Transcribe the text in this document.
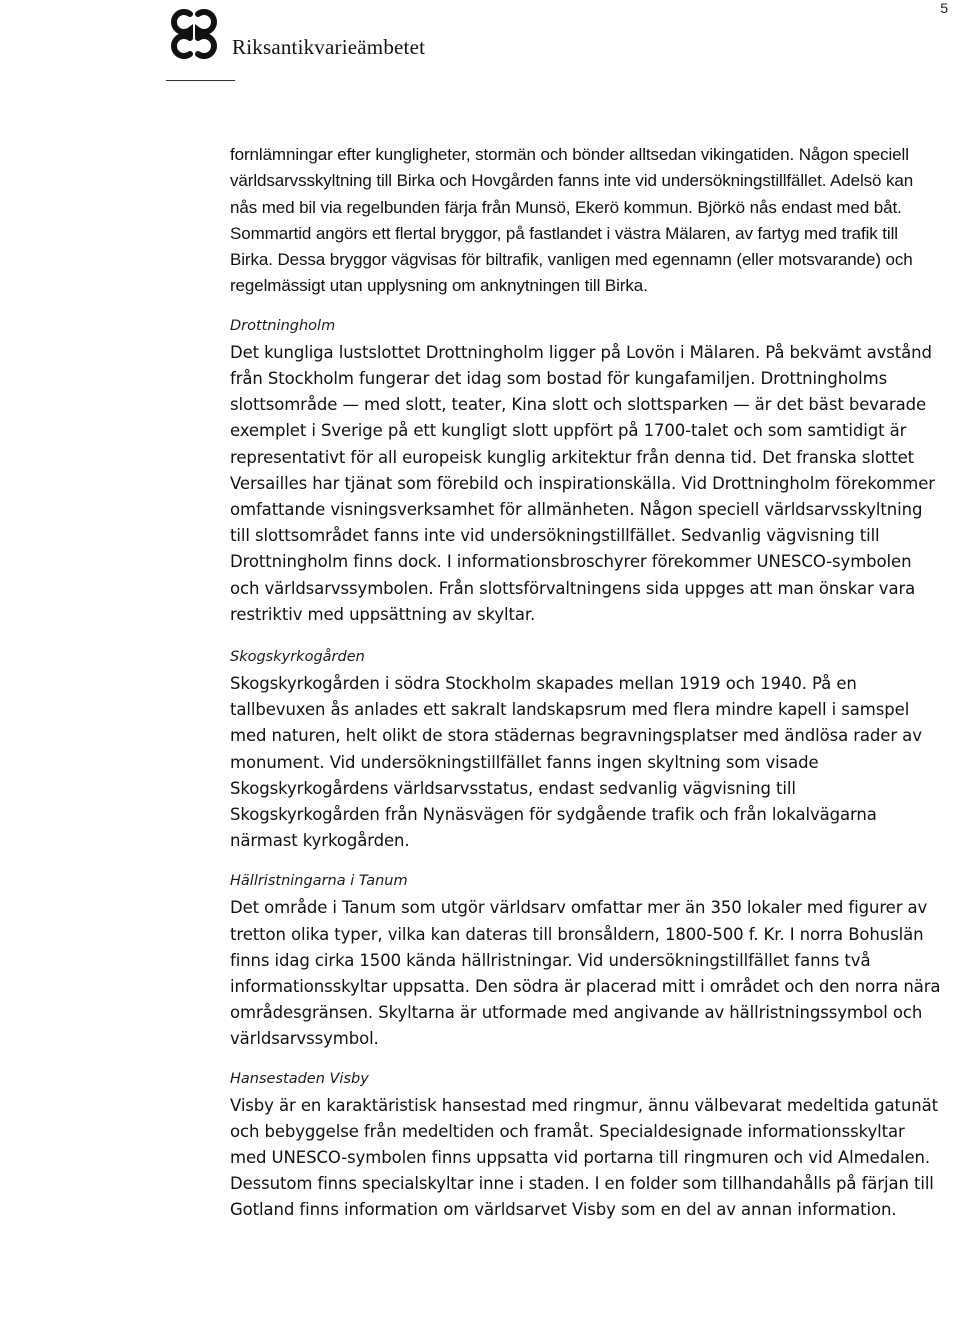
5
Riksantikvarieämbetet

fornlämningar efter kungligheter, stormän och bönder alltsedan vikingatiden. Någon speciell världsarvsskyltning till Birka och Hovgården fanns inte vid undersökningstillfället. Adelsö kan nås med bil via regelbunden färja från Munsö, Ekerö kommun. Björkö nås endast med båt. Sommartid angörs ett flertal bryggor, på fastlandet i västra Mälaren, av fartyg med trafik till Birka. Dessa bryggor vägvisas för biltrafik, vanligen med egennamn (eller motsvarande) och regelmässigt utan upplysning om anknytningen till Birka.

Drottningholm

Det kungliga lustslottet Drottningholm ligger på Lovön i Mälaren. På bekvämt avstånd från Stockholm fungerar det idag som bostad för kungafamiljen. Drottningholms slottsområde — med slott, teater, Kina slott och slottsparken — är det bäst bevarade exemplet i Sverige på ett kungligt slott uppfört på 1700-talet och som samtidigt är representativt för all europeisk kunglig arkitektur från denna tid. Det franska slottet Versailles har tjänat som förebild och inspirationskälla. Vid Drottningholm förekommer omfattande visningsverksamhet för allmänheten. Någon speciell världsarvsskyltning till slottsområdet fanns inte vid undersökningstillfället. Sedvanlig vägvisning till Drottningholm finns dock. I informationsbroschyrer förekommer UNESCO-symbolen och världsarvssymbolen. Från slottsförvaltningens sida uppges att man önskar vara restriktiv med uppsättning av skyltar.

Skogskyrkogården

Skogskyrkogården i södra Stockholm skapades mellan 1919 och 1940. På en tallbevuxen ås anlades ett sakralt landskapsrum med flera mindre kapell i samspel med naturen, helt olikt de stora städernas begravningsplatser med ändlösa rader av monument. Vid undersökningstillfället fanns ingen skyltning som visade Skogskyrkogårdens världsarvsstatus, endast sedvanlig vägvisning till Skogskyrkogården från Nynäsvägen för sydgående trafik och från lokalvägarna närmast kyrkogården.

Hällristningarna i Tanum

Det område i Tanum som utgör världsarv omfattar mer än 350 lokaler med figurer av tretton olika typer, vilka kan dateras till bronsåldern, 1800-500 f. Kr. I norra Bohuslän finns idag cirka 1500 kända hällristningar. Vid undersökningstillfället fanns två informationsskyltar uppsatta. Den södra är placerad mitt i området och den norra nära områdesgränsen. Skyltarna är utformade med angivande av hällristningssymbol och världsarvssymbol.

Hansestaden Visby

Visby är en karaktäristisk hansestad med ringmur, ännu välbevarat medeltida gatunät och bebyggelse från medeltiden och framåt. Specialdesignade informationsskyltar med UNESCO-symbolen finns uppsatta vid portarna till ringmuren och vid Almedalen. Dessutom finns specialskyltar inne i staden. I en folder som tillhandahålls på färjan till Gotland finns information om världsarvet Visby som en del av annan information.
